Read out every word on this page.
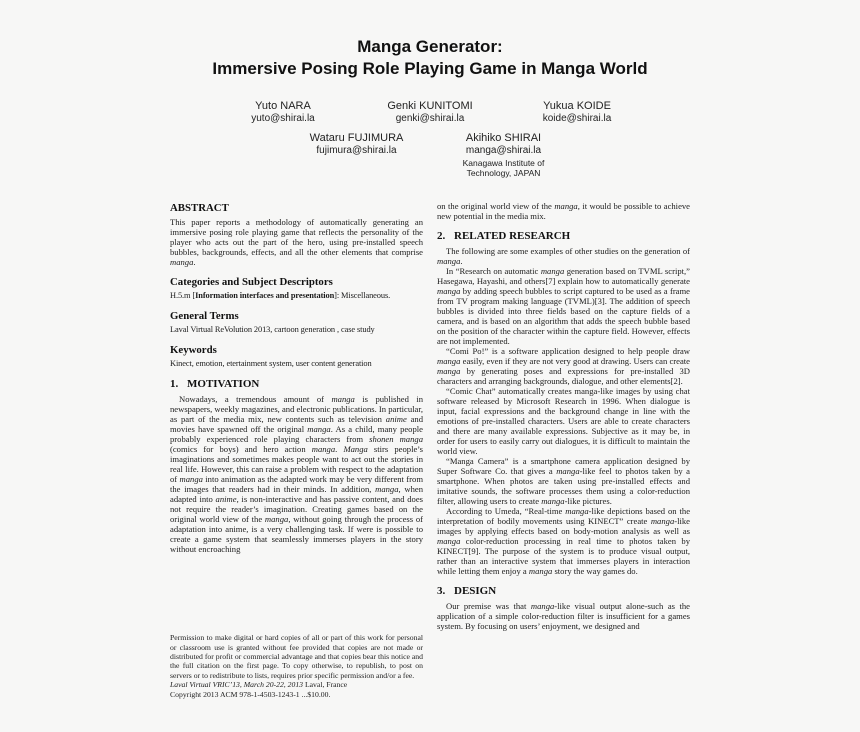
Manga Generator:
Immersive Posing Role Playing Game in Manga World
Yuto NARA
yuto@shirai.la
Genki KUNITOMI
genki@shirai.la
Yukua KOIDE
koide@shirai.la
Wataru FUJIMURA
fujimura@shirai.la
Akihiko SHIRAI
manga@shirai.la
Kanagawa Institute of
Technology, JAPAN
ABSTRACT

This paper reports a methodology of automatically generating an immersive posing role playing game that reflects the personality of the player who acts out the part of the hero, using pre-installed speech bubbles, backgrounds, effects, and all the other elements that comprise manga.

Categories and Subject Descriptors

H.5.m [Information interfaces and presentation]: Miscellaneous.

General Terms

Laval Virtual ReVolution 2013, cartoon generation , case study

Keywords

Kinect, emotion, etertainment system, user content generation

1. MOTIVATION

Nowadays, a tremendous amount of manga is published in newspapers, weekly magazines, and electronic publications. In particular, as part of the media mix, new contents such as television anime and movies have spawned off the original manga. As a child, many people probably experienced role playing characters from shonen manga (comics for boys) and hero action manga. Manga stirs people’s imaginations and sometimes makes people want to act out the stories in real life. However, this can raise a problem with respect to the adaptation of manga into animation as the adapted work may be very different from the images that readers had in their minds. In addition, manga, when adapted into anime, is non-interactive and has passive content, and does not require the reader’s imagination. Creating games based on the original world view of the manga, without going through the process of adaptation into anime, is a very challenging task. If were is possible to create a game system that seamlessly immerses players in the story without encroaching

Permission to make digital or hard copies of all or part of this work for personal or classroom use is granted without fee provided that copies are not made or distributed for profit or commercial advantage and that copies bear this notice and the full citation on the first page. To copy otherwise, to republish, to post on servers or to redistribute to lists, requires prior specific permission and/or a fee.

Laval Virtual VRIC’13, March 20-22, 2013 Laval, France

Copyright 2013 ACM 978-1-4503-1243-1 ...$10.00.

on the original world view of the manga, it would be possible to achieve new potential in the media mix.

2. RELATED RESEARCH

The following are some examples of other studies on the generation of manga.

In “Research on automatic manga generation based on TVML script,” Hasegawa, Hayashi, and others[7] explain how to automatically generate manga by adding speech bubbles to script captured to be used as a frame from TV program making language (TVML)[3]. The addition of speech bubbles is divided into three fields based on the capture fields of a camera, and is based on an algorithm that adds the speech bubble based on the position of the character within the capture field. However, effects are not implemented.

“Comi Po!” is a software application designed to help people draw manga easily, even if they are not very good at drawing. Users can create manga by generating poses and expressions for pre-installed 3D characters and arranging backgrounds, dialogue, and other elements[2].

“Comic Chat” automatically creates manga-like images by using chat software released by Microsoft Research in 1996. When dialogue is input, facial expressions and the background change in line with the emotions of pre-installed characters. Users are able to create characters and there are many available expressions. Subjective as it may be, in order for users to easily carry out dialogues, it is difficult to maintain the world view.

“Manga Camera” is a smartphone camera application designed by Super Software Co. that gives a manga-like feel to photos taken by a smartphone. When photos are taken using pre-installed effects and imitative sounds, the software processes them using a color-reduction filter, allowing users to create manga-like pictures.

According to Umeda, “Real-time manga-like depictions based on the interpretation of bodily movements using KINECT” create manga-like images by applying effects based on body-motion analysis as well as manga color-reduction processing in real time to photos taken by KINECT[9]. The purpose of the system is to produce visual output, rather than an interactive system that immerses players in interaction while letting them enjoy a manga story the way games do.

3. DESIGN

Our premise was that manga-like visual output alone-such as the application of a simple color-reduction filter is insufficient for a games system. By focusing on users’ enjoyment, we designed and
